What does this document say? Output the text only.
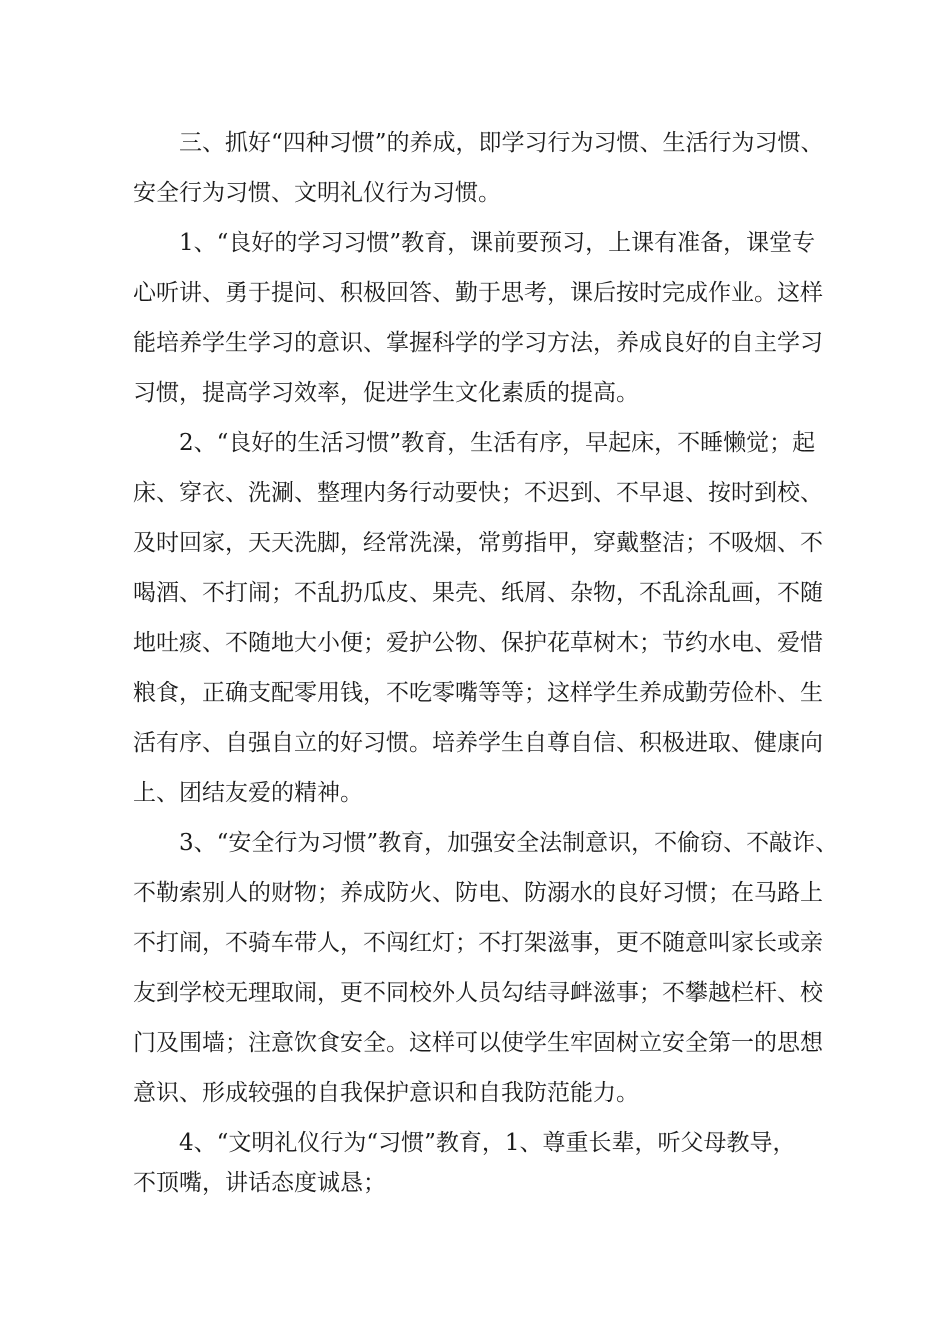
三、抓好“四种习惯”的养成，即学习行为习惯、生活行为习惯、
安全行为习惯、文明礼仪行为习惯。
1、“良好的学习习惯”教育，课前要预习，上课有准备，课堂专
心听讲、勇于提问、积极回答、勤于思考，课后按时完成作业。这样
能培养学生学习的意识、掌握科学的学习方法，养成良好的自主学习
习惯，提高学习效率，促进学生文化素质的提高。
2、“良好的生活习惯”教育，生活有序，早起床，不睡懒觉；起
床、穿衣、洗涮、整理内务行动要快；不迟到、不早退、按时到校、
及时回家，天天洗脚，经常洗澡，常剪指甲，穿戴整洁；不吸烟、不
喝酒、不打闹；不乱扔瓜皮、果壳、纸屑、杂物，不乱涂乱画，不随
地吐痰、不随地大小便；爱护公物、保护花草树木；节约水电、爱惜
粮食，正确支配零用钱，不吃零嘴等等；这样学生养成勤劳俭朴、生
活有序、自强自立的好习惯。培养学生自尊自信、积极进取、健康向
上、团结友爱的精神。
3、“安全行为习惯”教育，加强安全法制意识，不偷窃、不敲诈、
不勒索别人的财物；养成防火、防电、防溺水的良好习惯；在马路上
不打闹，不骑车带人，不闯红灯；不打架滋事，更不随意叫家长或亲
友到学校无理取闹，更不同校外人员勾结寻衅滋事；不攀越栏杆、校
门及围墙；注意饮食安全。这样可以使学生牢固树立安全第一的思想
意识、形成较强的自我保护意识和自我防范能力。
4、“文明礼仪行为“习惯”教育，1、尊重长辈，听父母教导，
不顶嘴，讲话态度诚恳；
